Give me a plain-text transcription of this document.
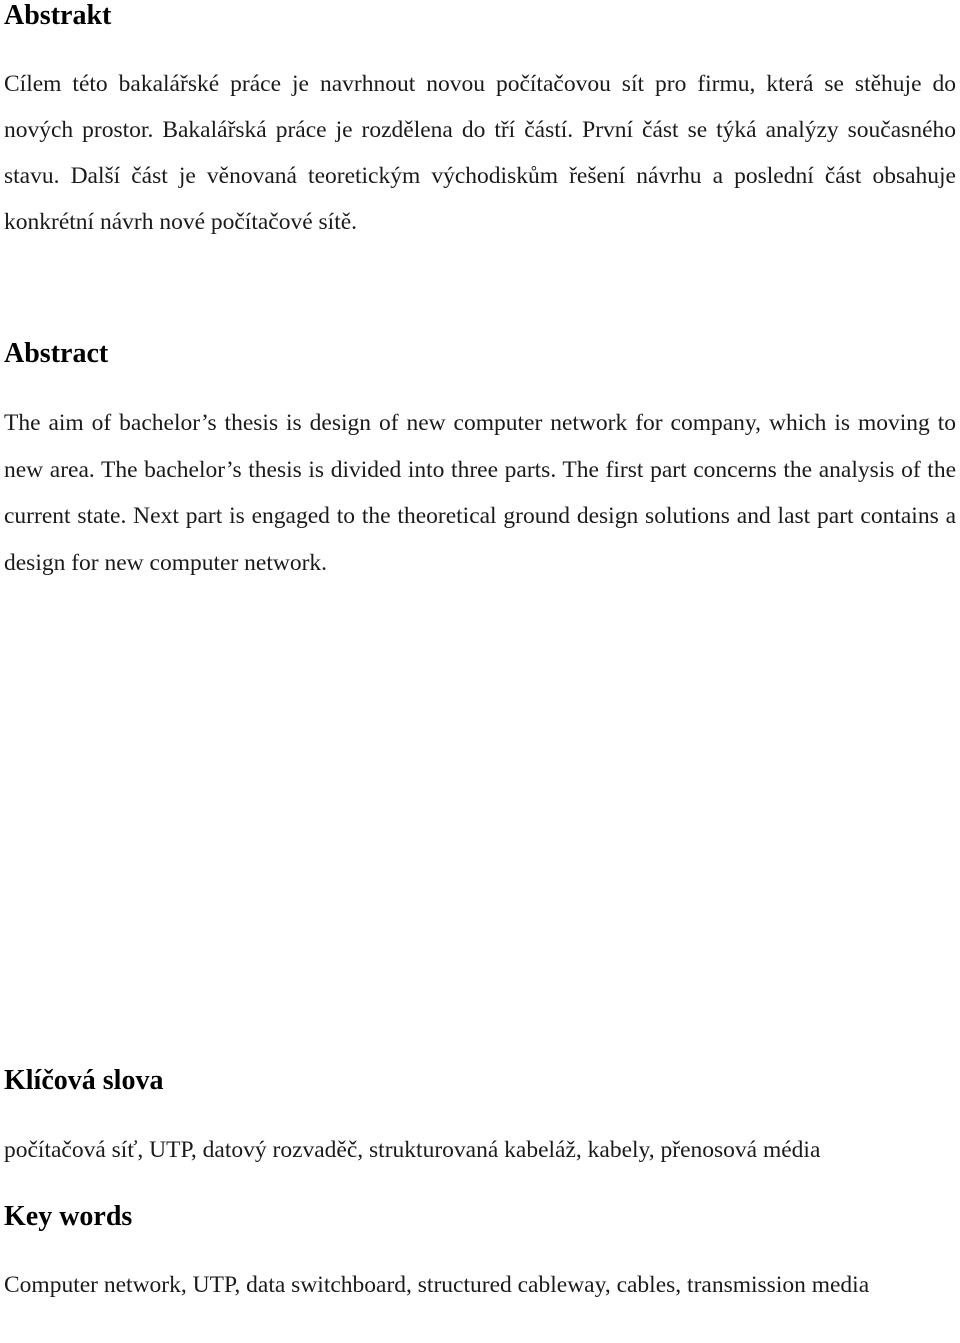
Abstrakt

Cílem této bakalářské práce je navrhnout novou počítačovou sít pro firmu, která se stěhuje do nových prostor. Bakalářská práce je rozdělena do tří částí. První část se týká analýzy současného stavu. Další část je věnovaná teoretickým východiskům řešení návrhu a poslední část obsahuje konkrétní návrh nové počítačové sítě.

Abstract

The aim of bachelor’s thesis is design of new computer network for company, which is moving to new area. The bachelor’s thesis is divided into three parts. The first part concerns the analysis of the current state. Next part is engaged to the theoretical ground design solutions and last part contains a design for new computer network.

Klíčová slova

počítačová síť, UTP, datový rozvaděč, strukturovaná kabeláž, kabely, přenosová média

Key words

Computer network, UTP, data switchboard, structured cableway, cables, transmission media
